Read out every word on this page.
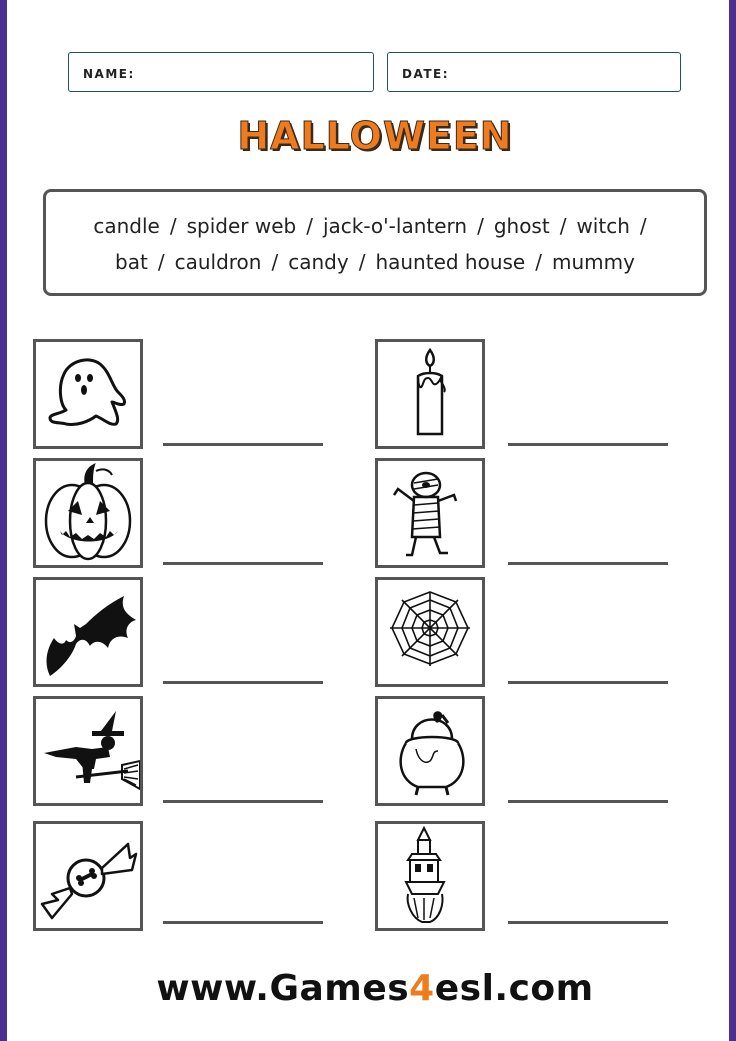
NAME:	DATE:
HALLOWEEN
candle / spider web / jack-o'-lantern / ghost / witch /
bat / cauldron / candy / haunted house / mummy
www.Games4esl.com
